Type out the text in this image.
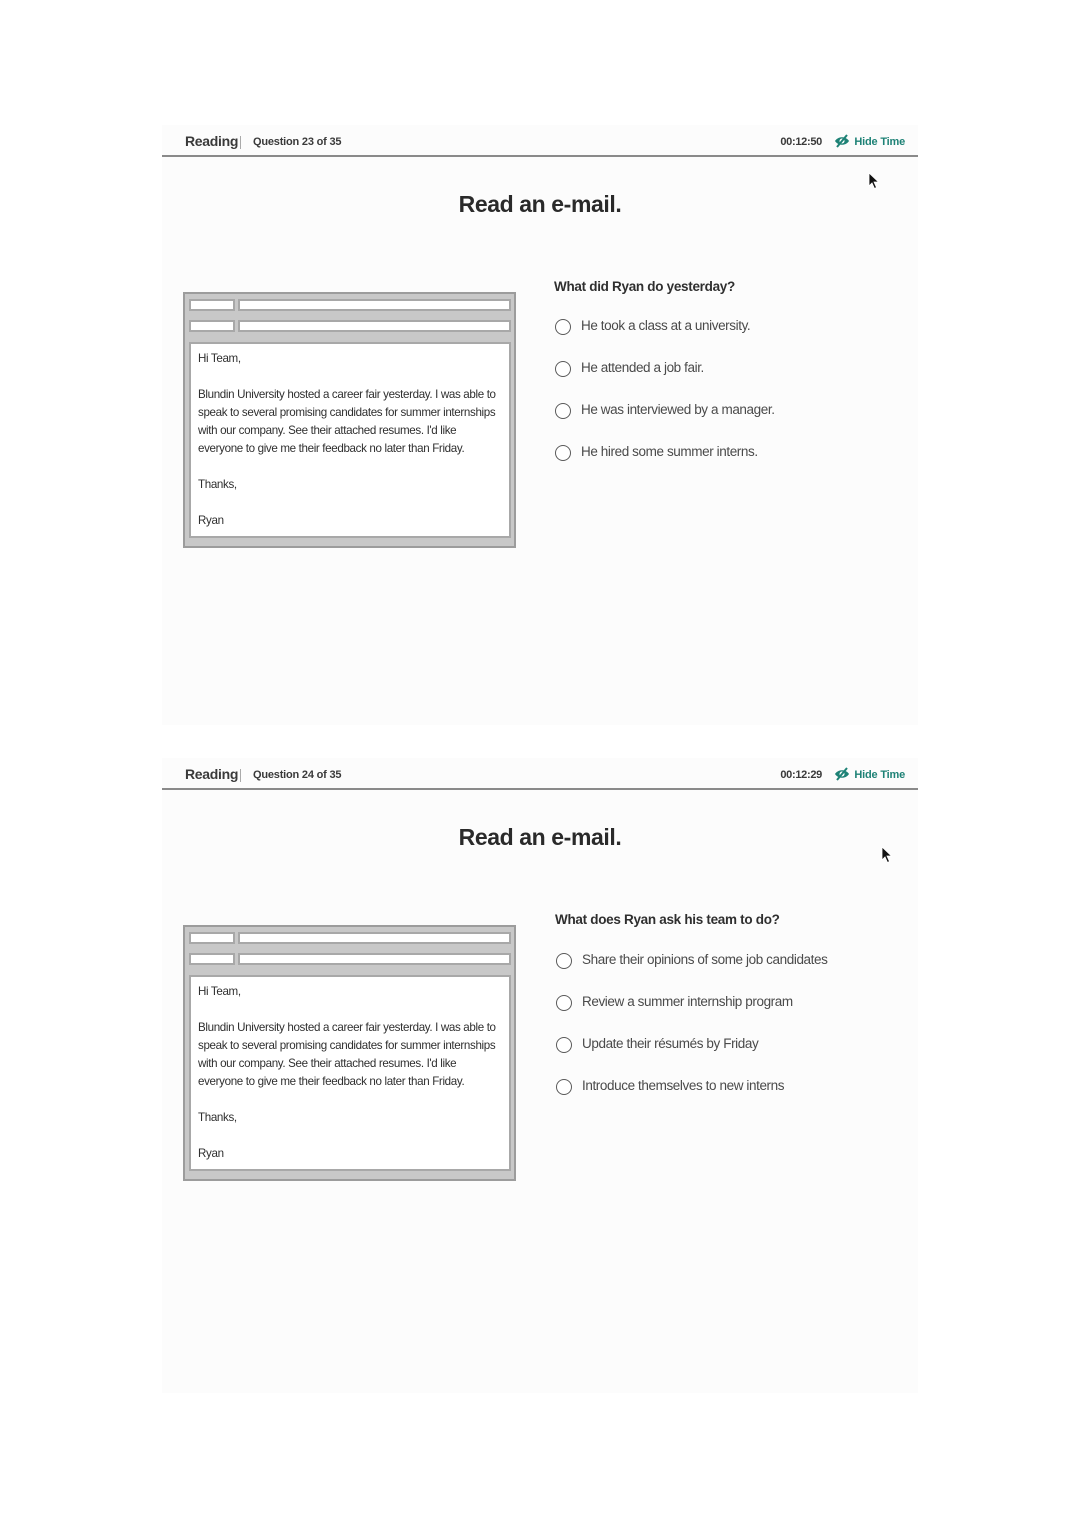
Reading Question 23 of 35	00:12:50	Hide Time
Read an e-mail.

Hi Team,

Blundin University hosted a career fair yesterday. I was able to speak to several promising candidates for summer internships with our company. See their attached resumes. I'd like everyone to give me their feedback no later than Friday.

Thanks,

Ryan

What did Ryan do yesterday?
He took a class at a university.
He attended a job fair.
He was interviewed by a manager.
He hired some summer interns.
Reading Question 24 of 35	00:12:29	Hide Time
Read an e-mail.

Hi Team,

Blundin University hosted a career fair yesterday. I was able to speak to several promising candidates for summer internships with our company. See their attached resumes. I'd like everyone to give me their feedback no later than Friday.

Thanks,

Ryan

What does Ryan ask his team to do?
Share their opinions of some job candidates
Review a summer internship program
Update their résumés by Friday
Introduce themselves to new interns
